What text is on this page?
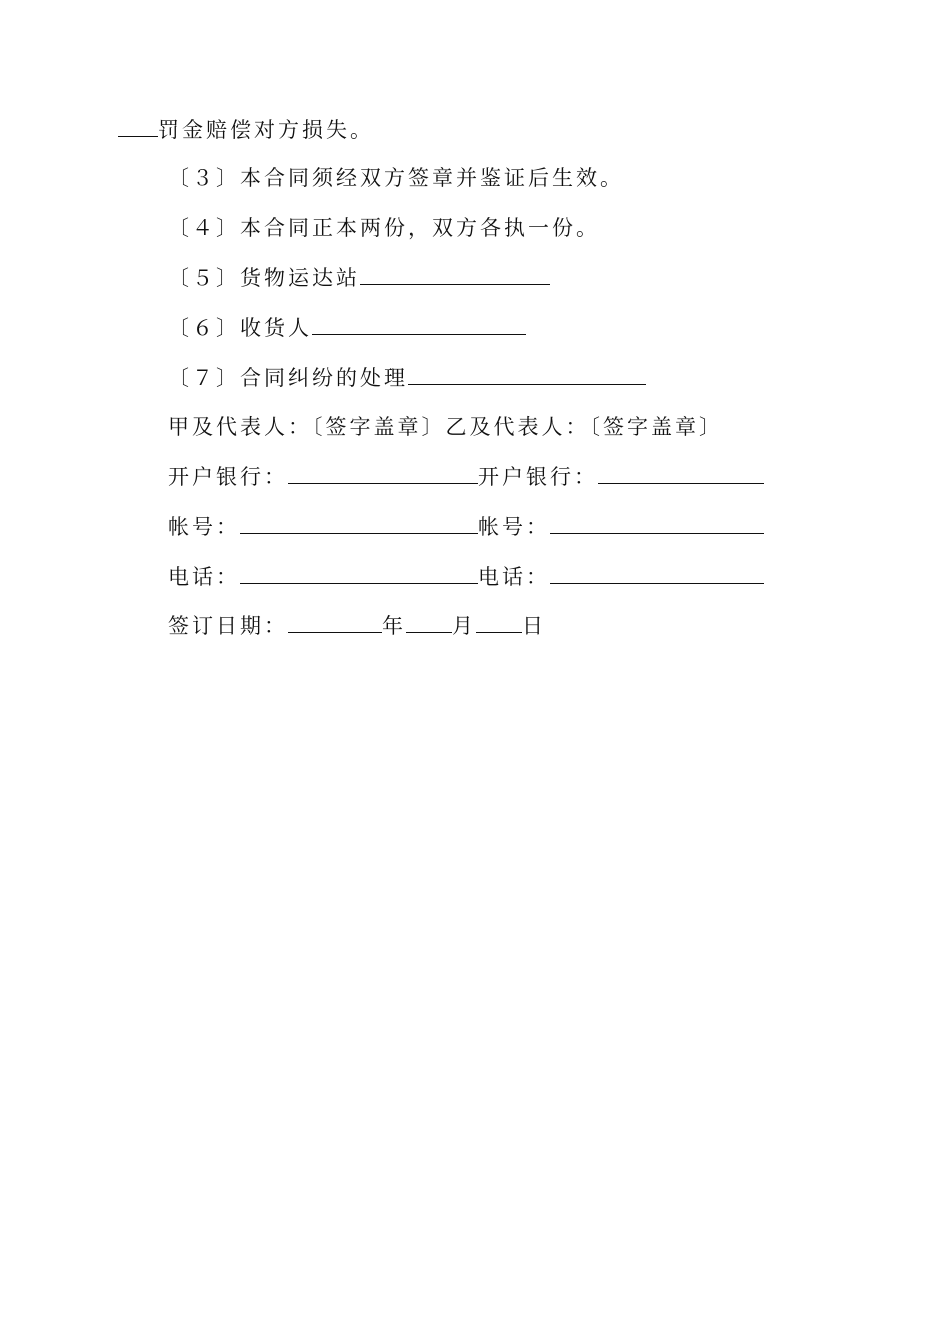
罚金赔偿对方损失。
〔３〕本合同须经双方签章并鉴证后生效。
〔４〕本合同正本两份，双方各执一份。
〔５〕货物运达站
〔６〕收货人
〔７〕合同纠纷的处理
甲及代表人：〔签字盖章〕乙及代表人：〔签字盖章〕
开户银行：	开户银行：
帐号：	帐号：
电话：	电话：
签订日期：	年 月 日
